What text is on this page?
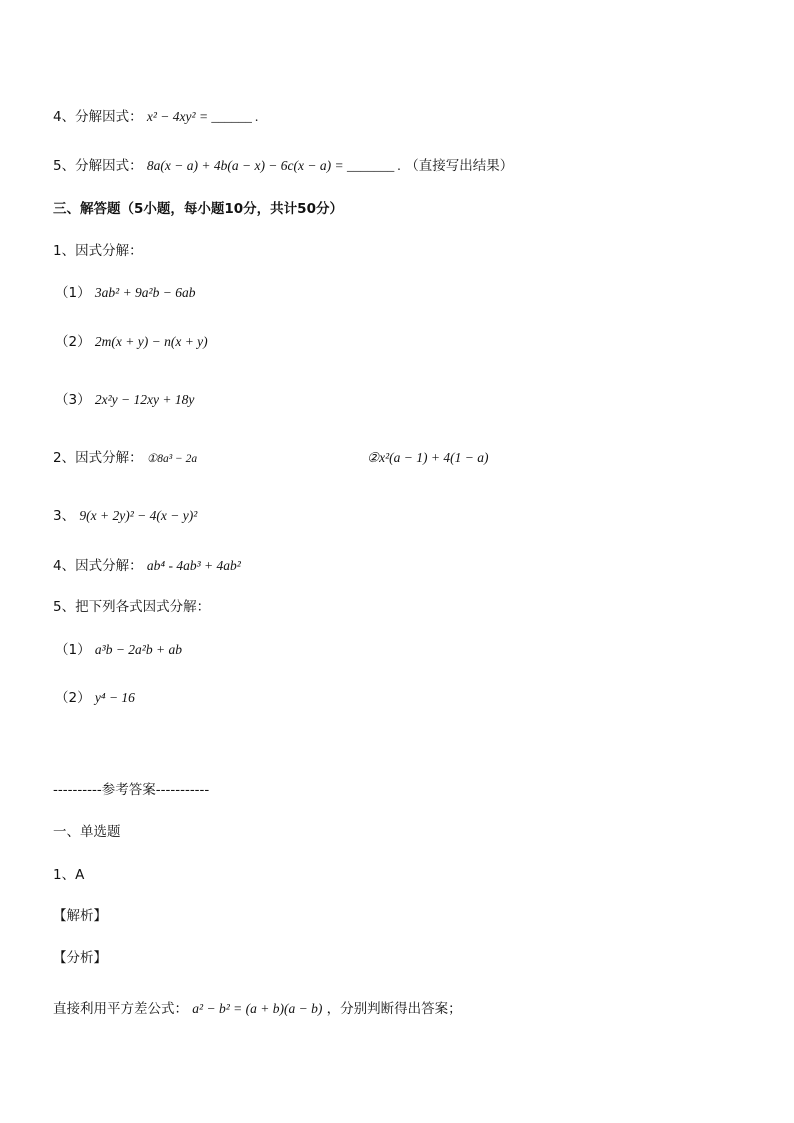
4、分解因式： x² − 4xy² = ______ .
5、分解因式： 8a(x − a) + 4b(a − x) − 6c(x − a) = _______ . （直接写出结果）
三、解答题（5小题，每小题10分，共计50分）
1、因式分解：
（1） 3ab² + 9a²b − 6ab
（2） 2m(x + y) − n(x + y)
（3） 2x²y − 12xy + 18y
2、因式分解： ①8a³ − 2a	②x²(a − 1) + 4(1 − a)
3、 9(x + 2y)² − 4(x − y)²
4、因式分解： ab⁴ - 4ab³ + 4ab²
5、把下列各式因式分解：
（1） a³b − 2a²b + ab
（2） y⁴ − 16
----------参考答案-----------
一、单选题
1、A
【解析】
【分析】
直接利用平方差公式： a² − b² = (a + b)(a − b) ，分别判断得出答案；
